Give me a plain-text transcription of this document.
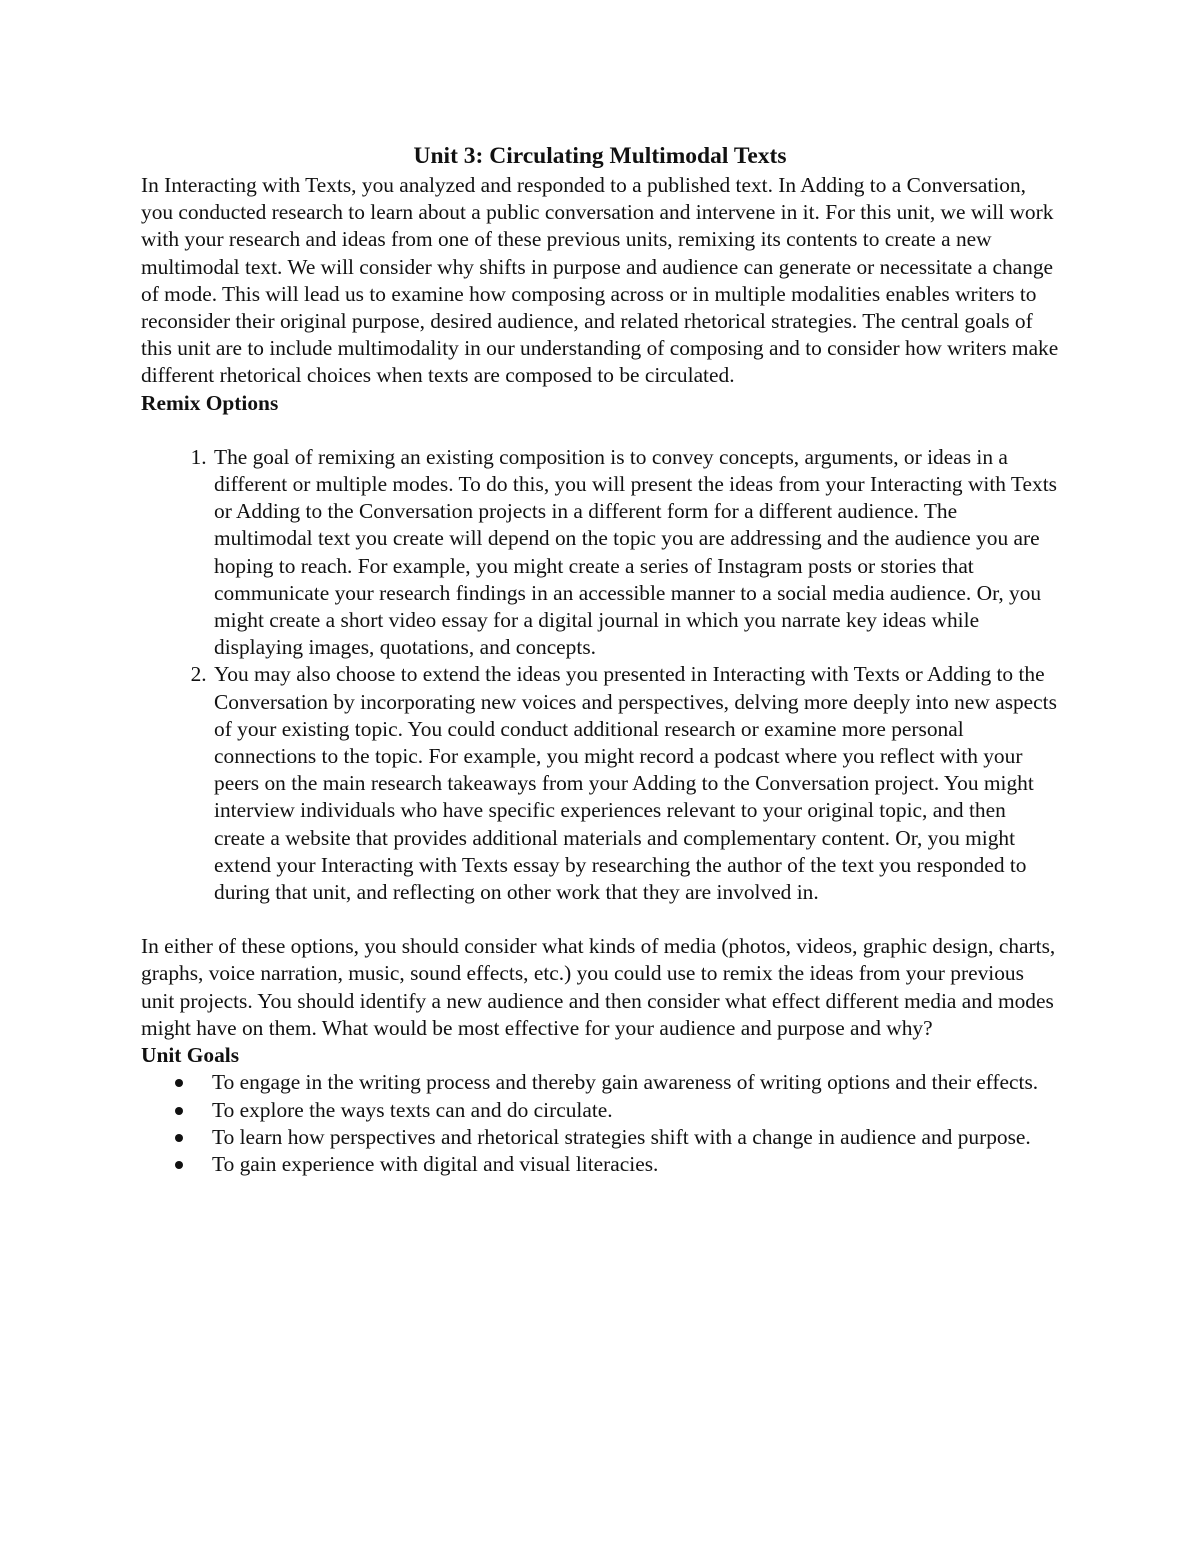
Unit 3: Circulating Multimodal Texts

In Interacting with Texts, you analyzed and responded to a published text. In Adding to a Conversation, you conducted research to learn about a public conversation and intervene in it. For this unit, we will work with your research and ideas from one of these previous units, remixing its contents to create a new multimodal text. We will consider why shifts in purpose and audience can generate or necessitate a change of mode. This will lead us to examine how composing across or in multiple modalities enables writers to reconsider their original purpose, desired audience, and related rhetorical strategies. The central goals of this unit are to include multimodality in our understanding of composing and to consider how writers make different rhetorical choices when texts are composed to be circulated.

Remix Options
1. The goal of remixing an existing composition is to convey concepts, arguments, or ideas in a different or multiple modes. To do this, you will present the ideas from your Interacting with Texts or Adding to the Conversation projects in a different form for a different audience. The multimodal text you create will depend on the topic you are addressing and the audience you are hoping to reach. For example, you might create a series of Instagram posts or stories that communicate your research findings in an accessible manner to a social media audience. Or, you might create a short video essay for a digital journal in which you narrate key ideas while displaying images, quotations, and concepts.
2. You may also choose to extend the ideas you presented in Interacting with Texts or Adding to the Conversation by incorporating new voices and perspectives, delving more deeply into new aspects of your existing topic. You could conduct additional research or examine more personal connections to the topic. For example, you might record a podcast where you reflect with your peers on the main research takeaways from your Adding to the Conversation project. You might interview individuals who have specific experiences relevant to your original topic, and then create a website that provides additional materials and complementary content. Or, you might extend your Interacting with Texts essay by researching the author of the text you responded to during that unit, and reflecting on other work that they are involved in.

In either of these options, you should consider what kinds of media (photos, videos, graphic design, charts, graphs, voice narration, music, sound effects, etc.) you could use to remix the ideas from your previous unit projects. You should identify a new audience and then consider what effect different media and modes might have on them. What would be most effective for your audience and purpose and why?

Unit Goals
To engage in the writing process and thereby gain awareness of writing options and their effects.
To explore the ways texts can and do circulate.
To learn how perspectives and rhetorical strategies shift with a change in audience and purpose.
To gain experience with digital and visual literacies.
